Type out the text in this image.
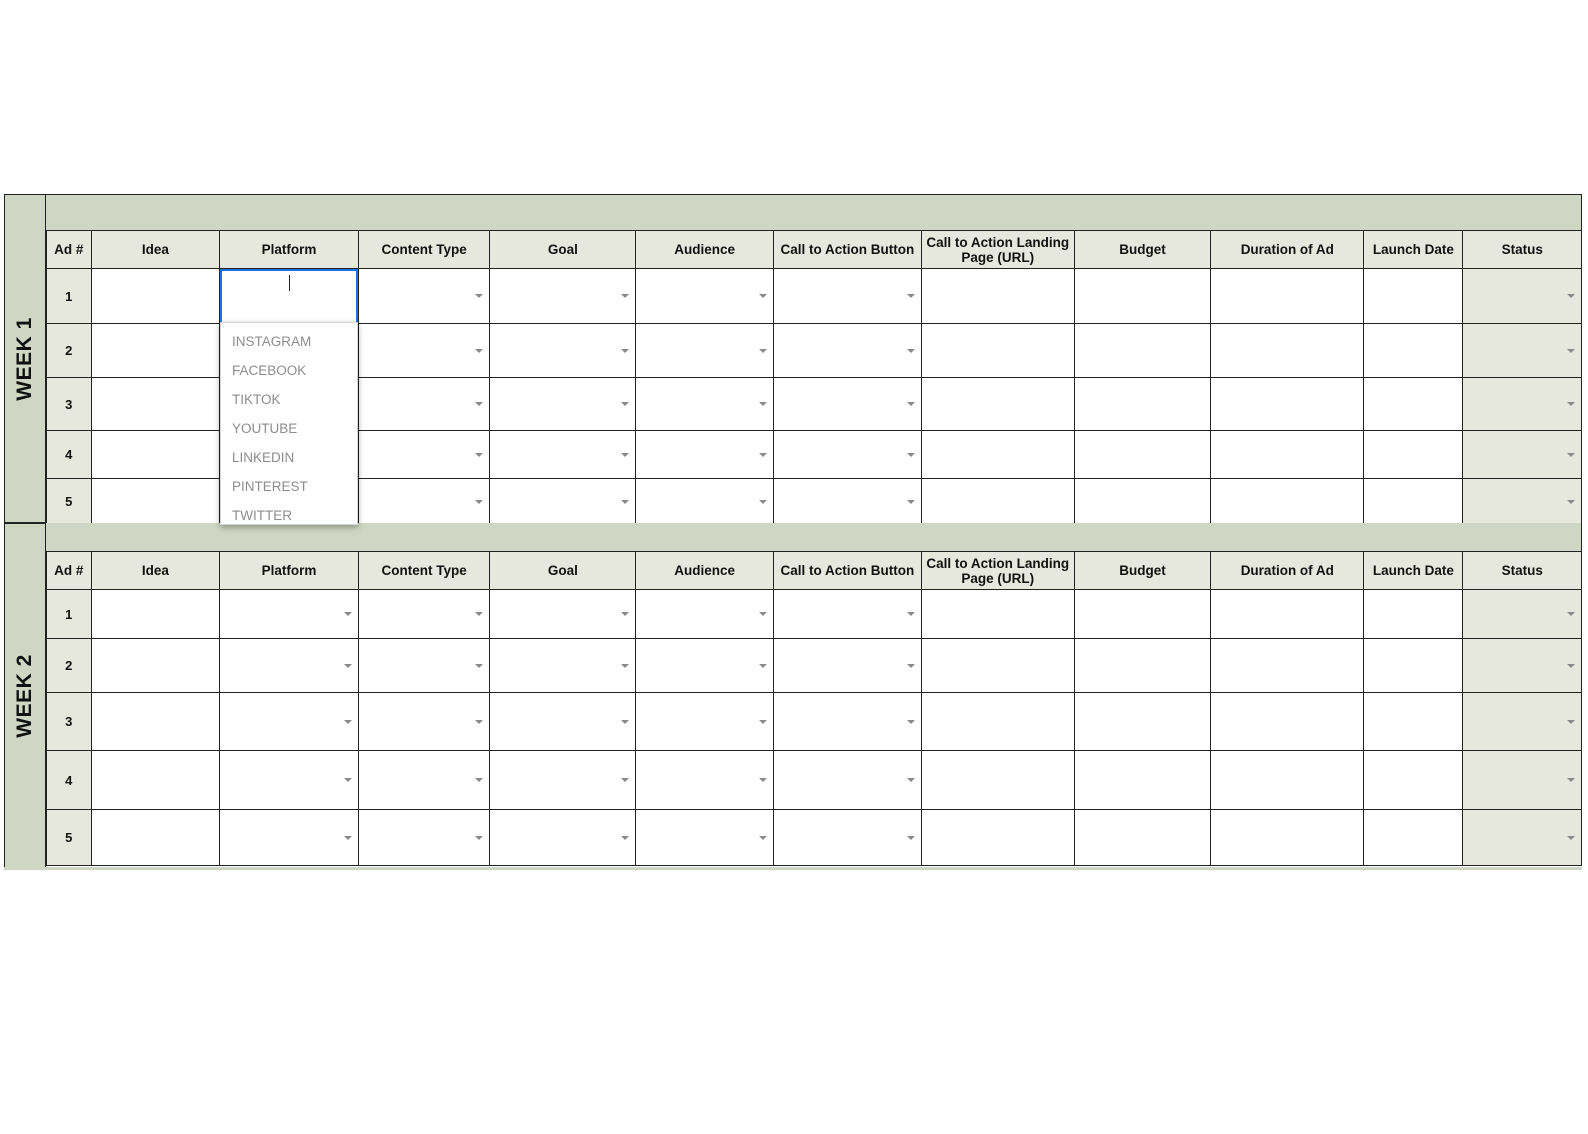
WEEK 1
Ad #	Idea	Platform	Content Type	Goal	Audience	Call to Action Button	Call to Action Landing Page (URL)	Budget	Duration of Ad	Launch Date	Status
1		

2			

3			

4			

5			

WEEK 2
Ad #	Idea	Platform	Content Type	Goal	Audience	Call to Action Button	Call to Action Landing Page (URL)	Budget	Duration of Ad	Launch Date	Status
1		

2		

3		

4		

5		

INSTAGRAM
FACEBOOK
TIKTOK
YOUTUBE
LINKEDIN
PINTEREST
TWITTER
